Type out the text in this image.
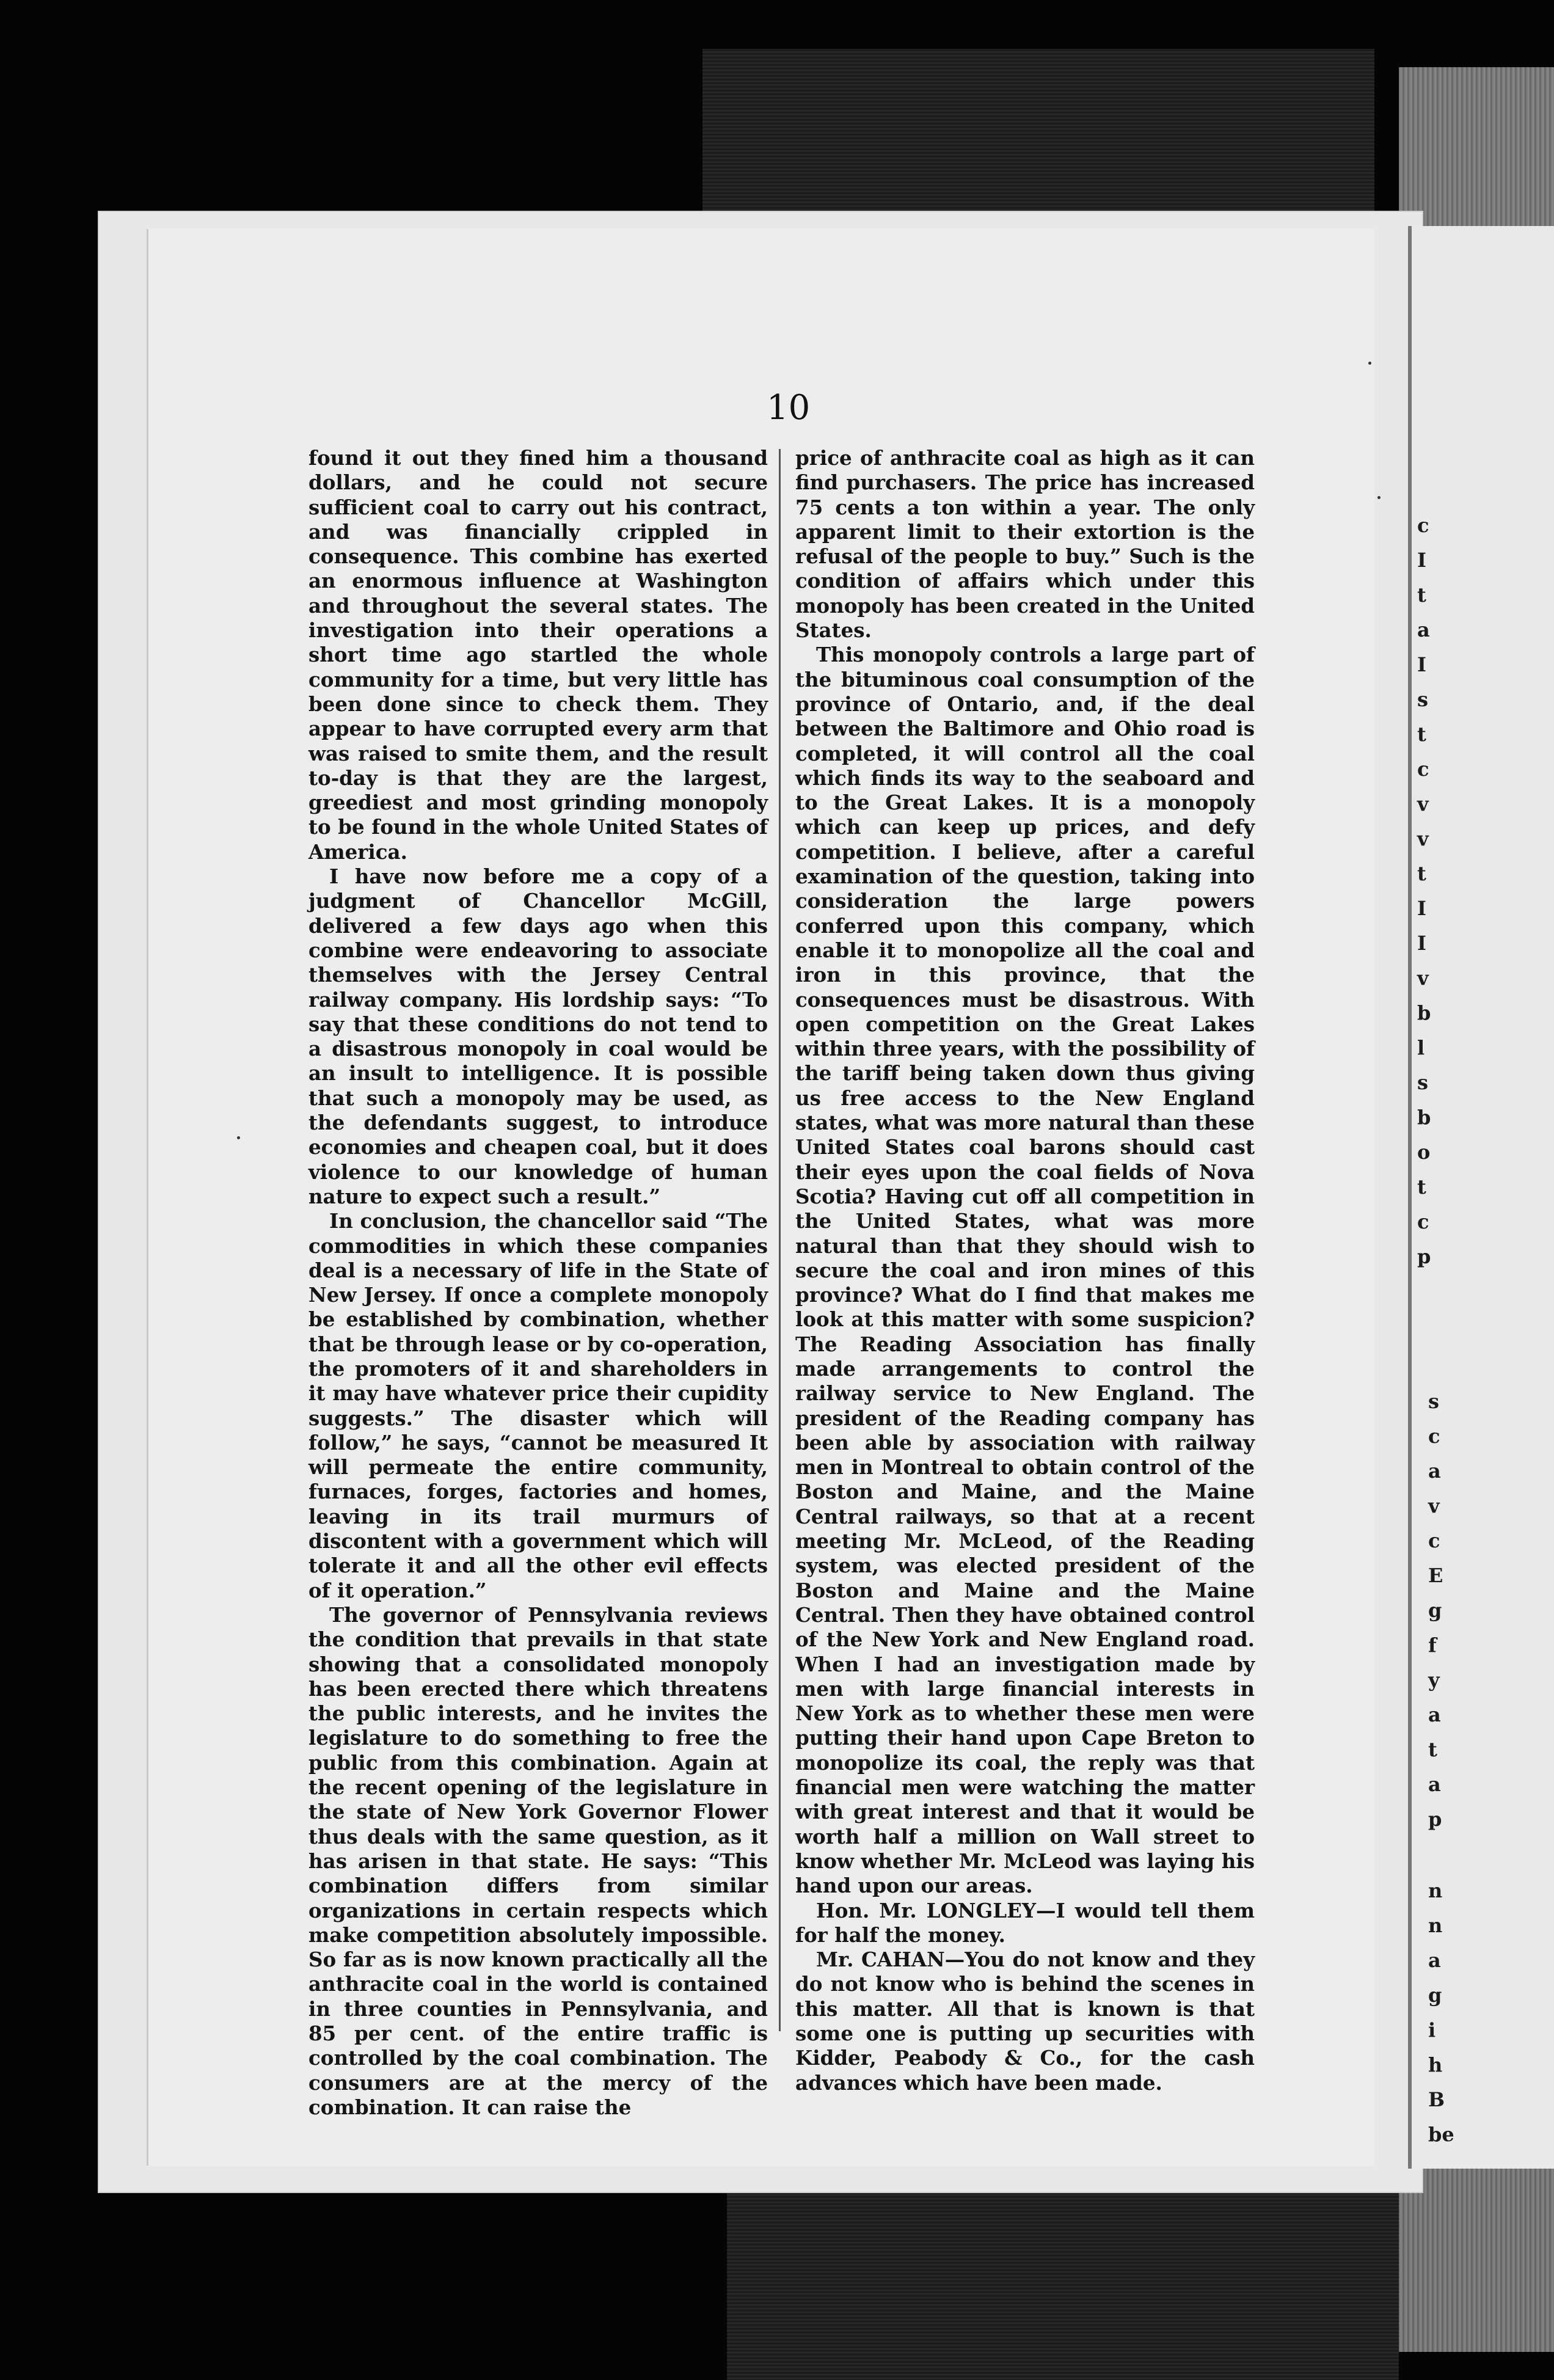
10

found it out they fined him a thousand dollars, and he could not secure sufficient coal to carry out his contract, and was financially crippled in consequence. This combine has exerted an enormous influence at Washington and throughout the several states. The investigation into their operations a short time ago startled the whole community for a time, but very little has been done since to check them. They appear to have corrupted every arm that was raised to smite them, and the result to-day is that they are the largest, greediest and most grinding monopoly to be found in the whole United States of America.

I have now before me a copy of a judgment of Chancellor McGill, delivered a few days ago when this combine were endeavoring to associate themselves with the Jersey Central railway company. His lordship says: “To say that these conditions do not tend to a disastrous monopoly in coal would be an insult to intelligence. It is possible that such a monopoly may be used, as the defendants suggest, to introduce economies and cheapen coal, but it does violence to our knowledge of human nature to expect such a result.”

In conclusion, the chancellor said “The commodities in which these companies deal is a necessary of life in the State of New Jersey. If once a complete monopoly be established by combination, whether that be through lease or by co-operation, the promoters of it and shareholders in it may have whatever price their cupidity suggests.” The disaster which will follow,” he says, “cannot be measured It will permeate the entire community, furnaces, forges, factories and homes, leaving in its trail murmurs of discontent with a government which will tolerate it and all the other evil effects of it operation.”

The governor of Pennsylvania reviews the condition that prevails in that state showing that a consolidated monopoly has been erected there which threatens the public interests, and he invites the legislature to do something to free the public from this combination. Again at the recent opening of the legislature in the state of New York Governor Flower thus deals with the same question, as it has arisen in that state. He says: “This combination differs from similar organizations in certain respects which make competition absolutely impossible. So far as is now known practically all the anthracite coal in the world is contained in three counties in Pennsylvania, and 85 per cent. of the entire traffic is controlled by the coal combination. The consumers are at the mercy of the combination. It can raise the

price of anthracite coal as high as it can find purchasers. The price has increased 75 cents a ton within a year. The only apparent limit to their extortion is the refusal of the people to buy.” Such is the condition of affairs which under this monopoly has been created in the United States.

This monopoly controls a large part of the bituminous coal consumption of the province of Ontario, and, if the deal between the Baltimore and Ohio road is completed, it will control all the coal which finds its way to the seaboard and to the Great Lakes. It is a monopoly which can keep up prices, and defy competition. I believe, after a careful examination of the question, taking into consideration the large powers conferred upon this company, which enable it to monopolize all the coal and iron in this province, that the consequences must be disastrous. With open competition on the Great Lakes within three years, with the possibility of the tariff being taken down thus giving us free access to the New England states, what was more natural than these United States coal barons should cast their eyes upon the coal fields of Nova Scotia? Having cut off all competition in the United States, what was more natural than that they should wish to secure the coal and iron mines of this province? What do I find that makes me look at this matter with some suspicion? The Reading Association has finally made arrangements to control the railway service to New England. The president of the Reading company has been able by association with railway men in Montreal to obtain control of the Boston and Maine, and the Maine Central railways, so that at a recent meeting Mr. McLeod, of the Reading system, was elected president of the Boston and Maine and the Maine Central. Then they have obtained control of the New York and New England road. When I had an investigation made by men with large financial interests in New York as to whether these men were putting their hand upon Cape Breton to monopolize its coal, the reply was that financial men were watching the matter with great interest and that it would be worth half a million on Wall street to know whether Mr. McLeod was laying his hand upon our areas.

Hon. Mr. LONGLEY—I would tell them for half the money.

Mr. CAHAN—You do not know and they do not know who is behind the scenes in this matter. All that is known is that some one is putting up securities with Kidder, Peabody & Co., for the cash advances which have been made.

c
I
t
a
I
s
t
c
v
v
t
I
I
v
b
l
s
b
o
t
c
p
s
c
a
v
c
E
g
f
y
a
t
a
p
n
n
a
g
i
h
B
be
